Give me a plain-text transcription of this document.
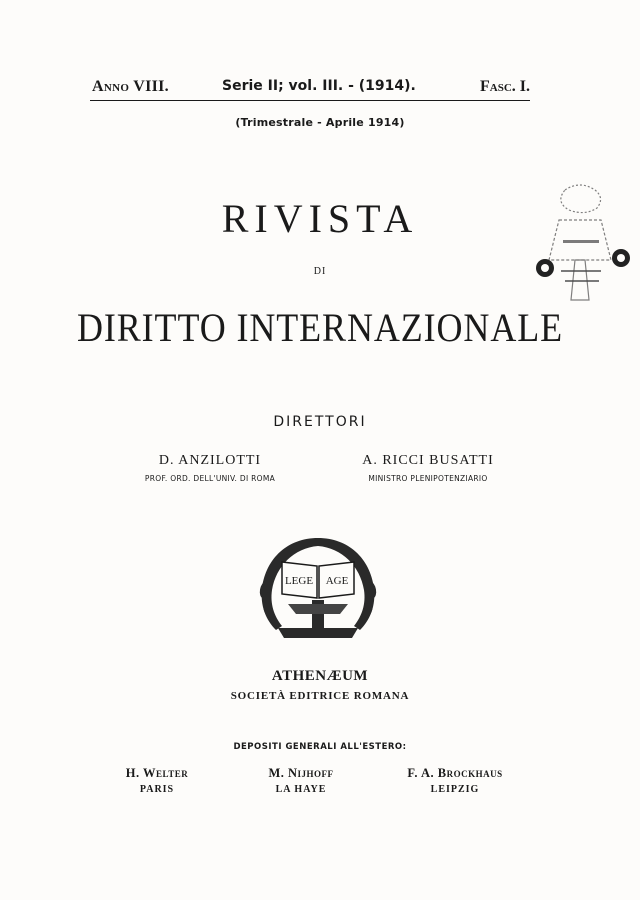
Anno VIII.	Serie II; vol. III. - (1914).	Fasc. I.
(Trimestrale - Aprile 1914)
RIVISTA
DI
DIRITTO INTERNAZIONALE
DIRETTORI
D. ANZILOTTI	A. RICCI BUSATTI
PROF. ORD. DELL'UNIV. DI ROMA	MINISTRO PLENIPOTENZIARIO
LEGE AGE
ATHENÆUM
SOCIETÀ EDITRICE ROMANA
DEPOSITI GENERALI ALL'ESTERO:
H. Welter	M. Nijhoff	F. A. Brockhaus
PARIS	LA HAYE	LEIPZIG
